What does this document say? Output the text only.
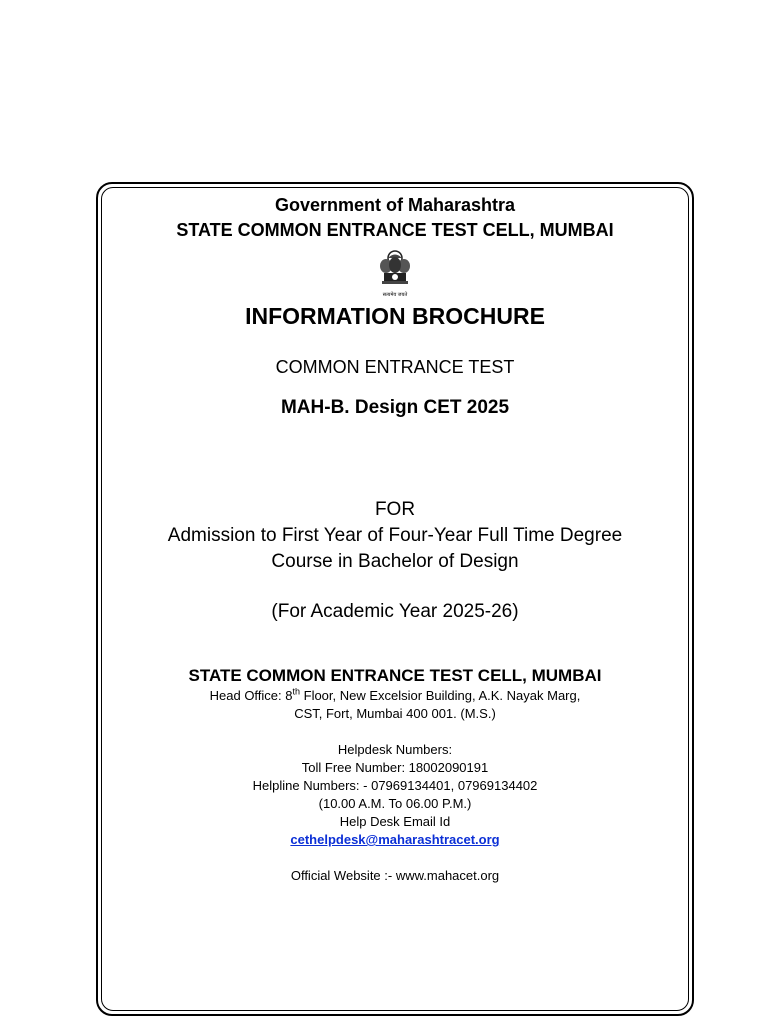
Government of Maharashtra
STATE COMMON ENTRANCE TEST CELL, MUMBAI
सत्यमेव जयते
INFORMATION BROCHURE
COMMON ENTRANCE TEST
MAH-B. Design CET 2025
FOR
Admission to First Year of Four-Year Full Time Degree
Course in Bachelor of Design
(For Academic Year 2025-26)
STATE COMMON ENTRANCE TEST CELL, MUMBAI
Head Office: 8th Floor, New Excelsior Building, A.K. Nayak Marg,
CST, Fort, Mumbai 400 001. (M.S.)
Helpdesk Numbers:
Toll Free Number: 18002090191
Helpline Numbers: - 07969134401, 07969134402
(10.00 A.M. To 06.00 P.M.)
Help Desk Email Id
cethelpdesk@maharashtracet.org
Official Website :- www.mahacet.org
